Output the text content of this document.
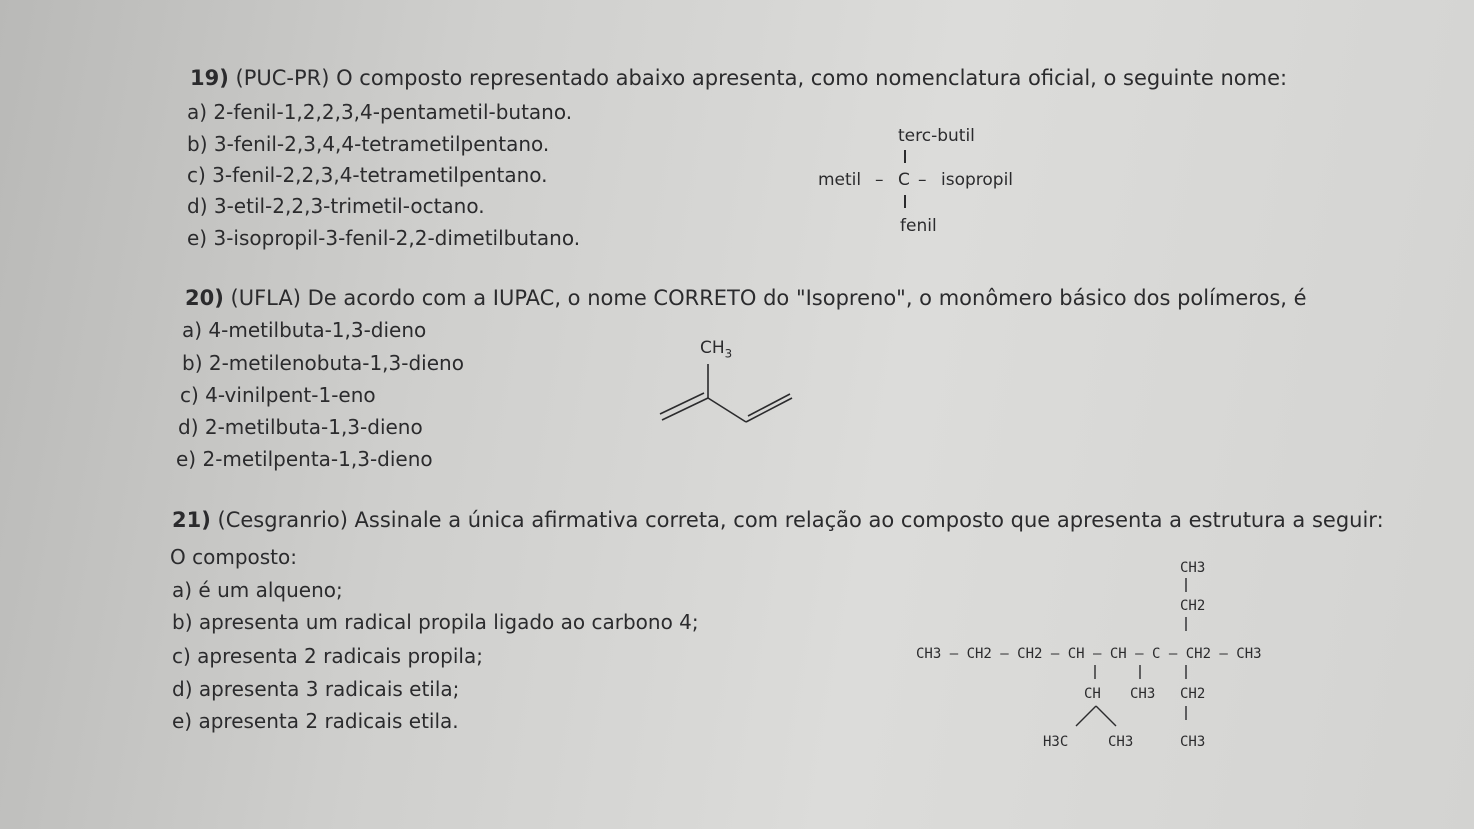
19) (PUC-PR) O composto representado abaixo apresenta, como nomenclatura oficial, o seguinte nome:
a) 2-fenil-1,2,2,3,4-pentametil-butano.
b) 3-fenil-2,3,4,4-tetrametilpentano.
c) 3-fenil-2,2,3,4-tetrametilpentano.
d) 3-etil-2,2,3-trimetil-octano.
e) 3-isopropil-3-fenil-2,2-dimetilbutano.
terc-butil
metil – C – isopropil
fenil
20) (UFLA) De acordo com a IUPAC, o nome CORRETO do "Isopreno", o monômero básico dos polímeros, é
a) 4-metilbuta-1,3-dieno
b) 2-metilenobuta-1,3-dieno
c) 4-vinilpent-1-eno
d) 2-metilbuta-1,3-dieno
e) 2-metilpenta-1,3-dieno
$CH_3$
21) (Cesgranrio) Assinale a única afirmativa correta, com relação ao composto que apresenta a estrutura a seguir:
O composto:
a) é um alqueno;
b) apresenta um radical propila ligado ao carbono 4;
c) apresenta 2 radicais propila;
d) apresenta 3 radicais etila;
e) apresenta 2 radicais etila.
CH3
CH2
CH3 – CH2 – CH2 – CH – CH – C – CH2 – CH3
CH CH3 CH2
H3C	CH3	CH3
